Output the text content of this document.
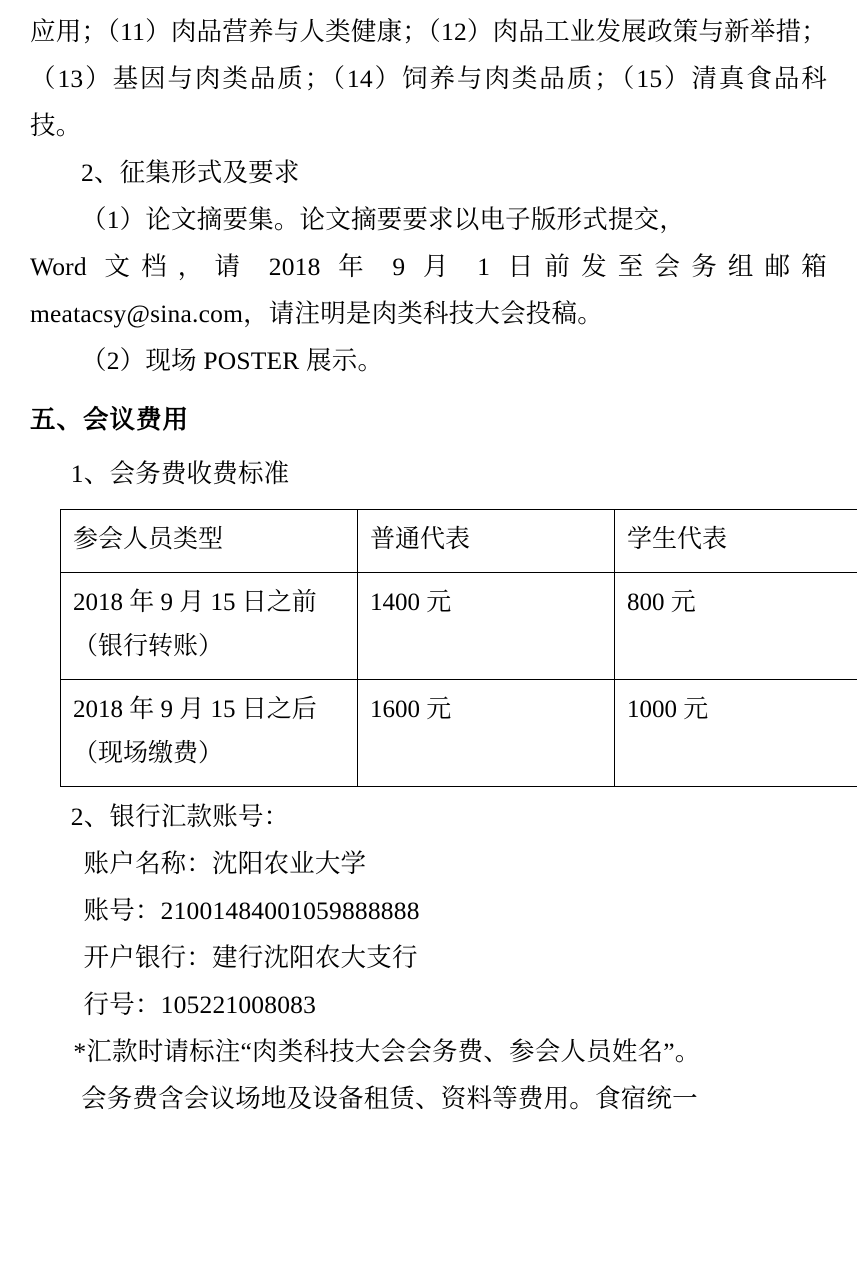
应用；（11）肉品营养与人类健康；（12）肉品工业发展政策与新举措；（13）基因与肉类品质；（14）饲养与肉类品质；（15）清真食品科技。

2、征集形式及要求

（1）论文摘要集。论文摘要要求以电子版形式提交，

Word 文档，请 2018 年 9 月 1 日前发至会务组邮箱

meatacsy@sina.com，请注明是肉类科技大会投稿。

（2）现场 POSTER 展示。

五、会议费用

1、会务费收费标准

参会人员类型	普通代表	学生代表

2018 年 9 月 15 日之前
（银行转账）	1400 元	800 元

2018 年 9 月 15 日之后
（现场缴费）	1600 元	1000 元

2、银行汇款账号：

账户名称：沈阳农业大学

账号：21001484001059888888

开户银行：建行沈阳农大支行

行号：105221008083

*汇款时请标注“肉类科技大会会务费、参会人员姓名”。

会务费含会议场地及设备租赁、资料等费用。食宿统一
